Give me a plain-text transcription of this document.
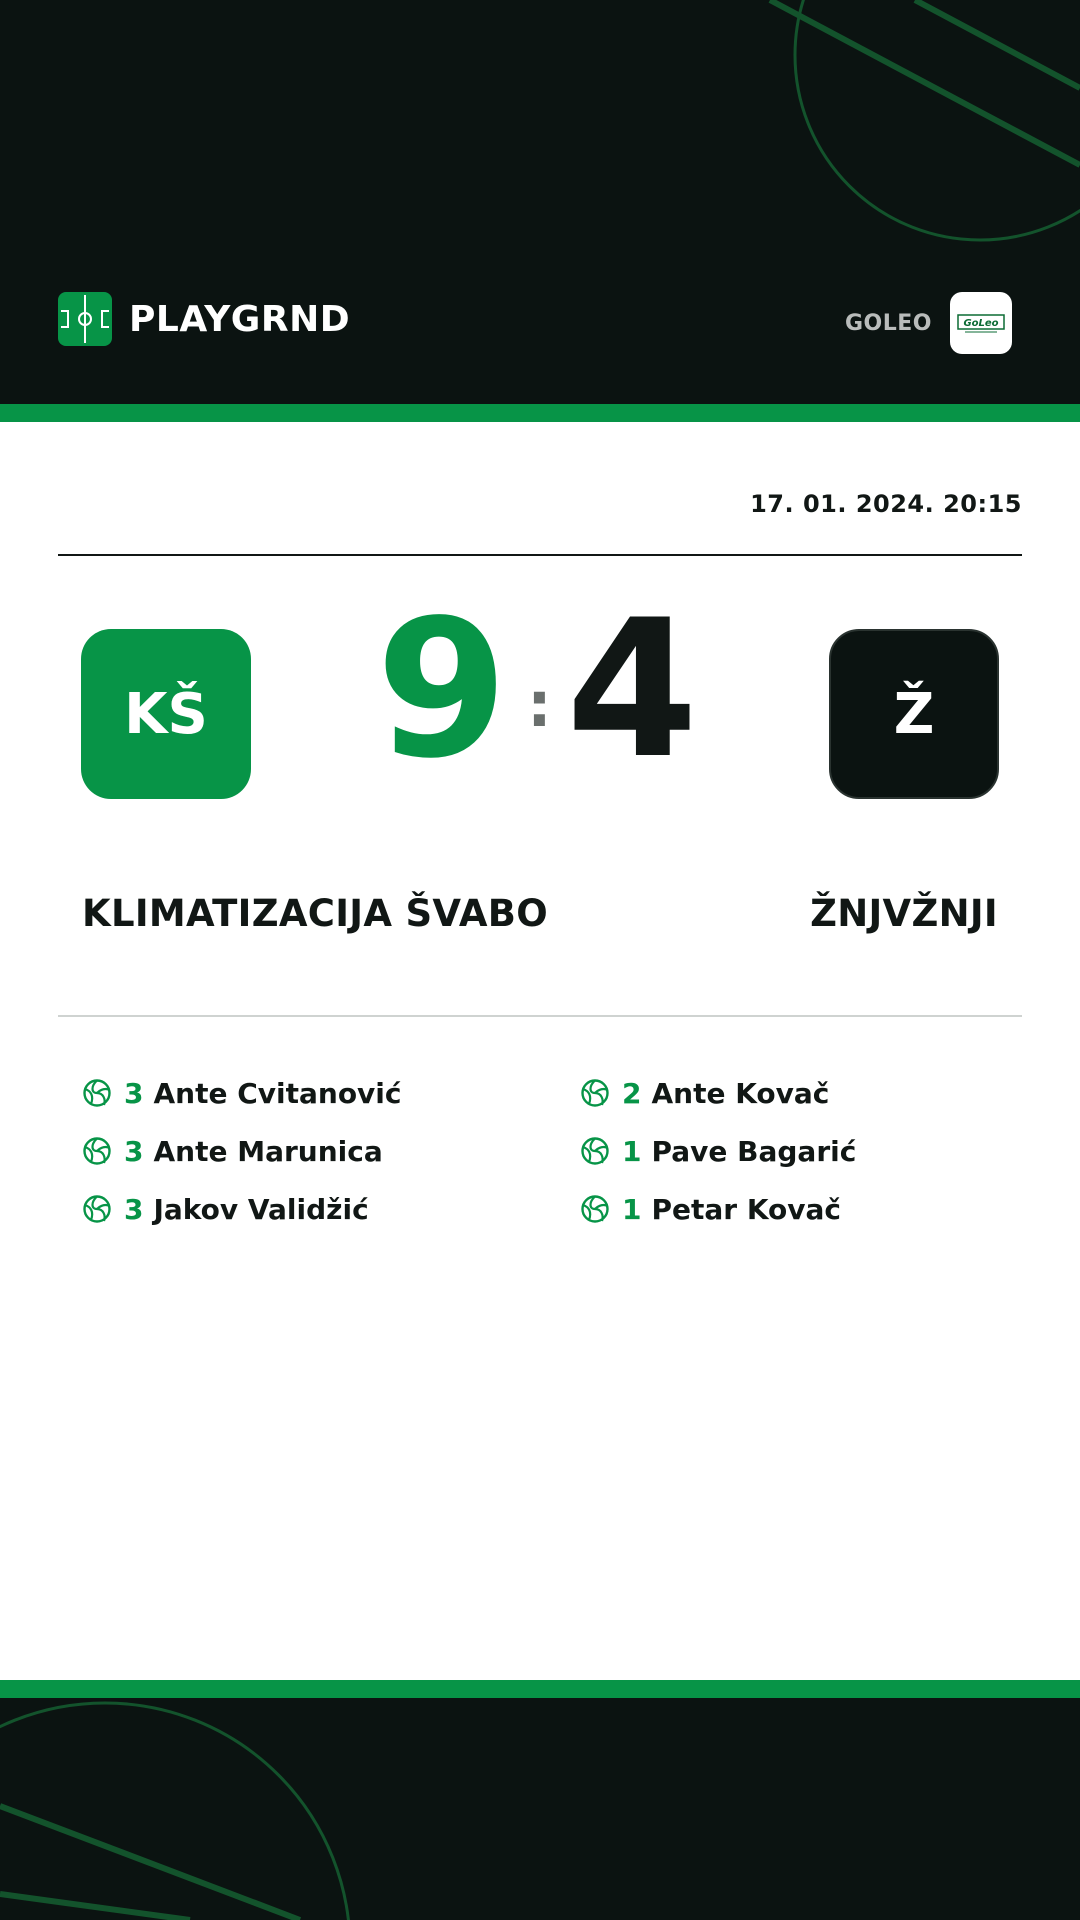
PLAYGRND	GOLEO	GoLeo
17. 01. 2024. 20:15
KŠ 9 : 4	Ž
KLIMATIZACIJA ŠVABO	ŽNJVŽNJI
3 Ante Cvitanović
3 Ante Marunica
3 Jakov Validžić
2 Ante Kovač
1 Pave Bagarić
1 Petar Kovač
